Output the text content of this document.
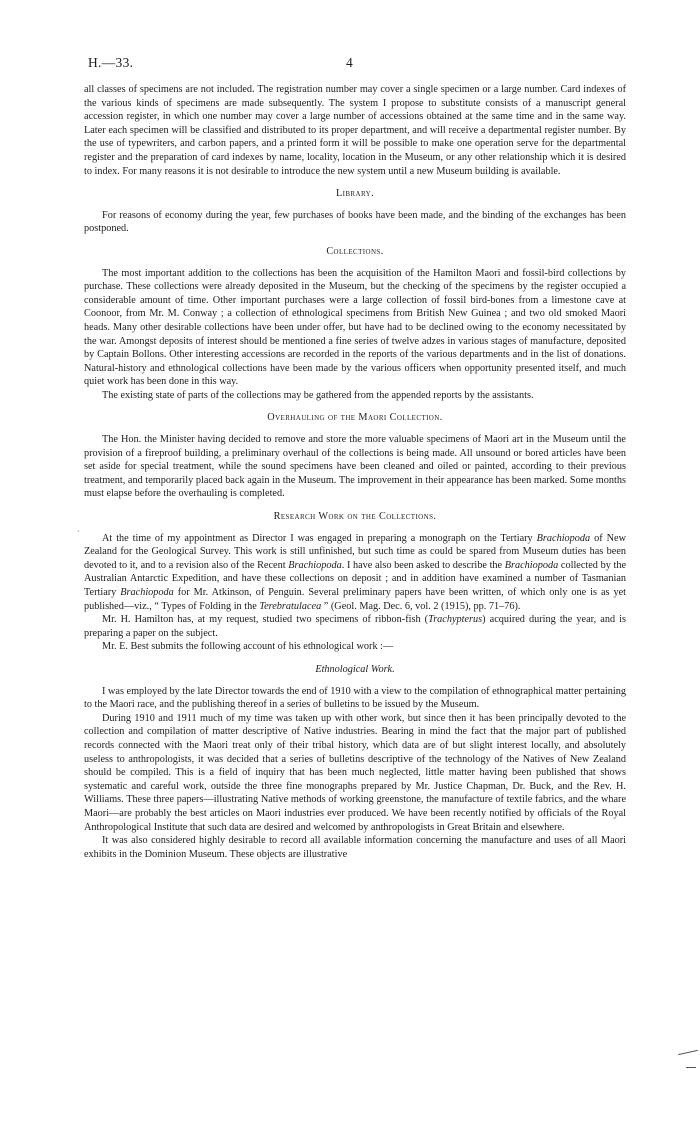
H.—33.	4
·

all classes of specimens are not included. The registration number may cover a single specimen or a large number. Card indexes of the various kinds of specimens are made subsequently. The system I propose to substitute consists of a manuscript general accession register, in which one number may cover a large number of accessions obtained at the same time and in the same way. Later each specimen will be classified and distributed to its proper department, and will receive a departmental register number. By the use of typewriters, and carbon papers, and a printed form it will be possible to make one operation serve for the departmental register and the preparation of card indexes by name, locality, location in the Museum, or any other relationship which it is desired to index. For many reasons it is not desirable to introduce the new system until a new Museum building is available.

Library.

For reasons of economy during the year, few purchases of books have been made, and the binding of the exchanges has been postponed.

Collections.

The most important addition to the collections has been the acquisition of the Hamilton Maori and fossil-bird collections by purchase. These collections were already deposited in the Museum, but the checking of the specimens by the register occupied a considerable amount of time. Other important purchases were a large collection of fossil bird-bones from a limestone cave at Coonoor, from Mr. M. Conway ; a collection of ethnological specimens from British New Guinea ; and two old smoked Maori heads. Many other desirable collections have been under offer, but have had to be declined owing to the economy necessitated by the war. Amongst deposits of interest should be mentioned a fine series of twelve adzes in various stages of manufacture, deposited by Captain Bollons. Other interesting accessions are recorded in the reports of the various departments and in the list of donations. Natural-history and ethnological collections have been made by the various officers when opportunity presented itself, and much quiet work has been done in this way.

The existing state of parts of the collections may be gathered from the appended reports by the assistants.

Overhauling of the Maori Collection.

The Hon. the Minister having decided to remove and store the more valuable specimens of Maori art in the Museum until the provision of a fireproof building, a preliminary overhaul of the collections is being made. All unsound or bored articles have been set aside for special treatment, while the sound specimens have been cleaned and oiled or painted, according to their previous treatment, and temporarily placed back again in the Museum. The improvement in their appearance has been marked. Some months must elapse before the overhauling is completed.

Research Work on the Collections.

At the time of my appointment as Director I was engaged in preparing a monograph on the Tertiary Brachiopoda of New Zealand for the Geological Survey. This work is still unfinished, but such time as could be spared from Museum duties has been devoted to it, and to a revision also of the Recent Brachiopoda. I have also been asked to describe the Brachiopoda collected by the Australian Antarctic Expedition, and have these collections on deposit ; and in addition have examined a number of Tasmanian Tertiary Brachiopoda for Mr. Atkinson, of Penguin. Several preliminary papers have been written, of which only one is as yet published—viz., “ Types of Folding in the Terebratulacea ” (Geol. Mag. Dec. 6, vol. 2 (1915), pp. 71–76).

Mr. H. Hamilton has, at my request, studied two specimens of ribbon-fish (Trachypterus) acquired during the year, and is preparing a paper on the subject.

Mr. E. Best submits the following account of his ethnological work :—

Ethnological Work.

I was employed by the late Director towards the end of 1910 with a view to the compilation of ethnographical matter pertaining to the Maori race, and the publishing thereof in a series of bulletins to be issued by the Museum.

During 1910 and 1911 much of my time was taken up with other work, but since then it has been principally devoted to the collection and compilation of matter descriptive of Native industries. Bearing in mind the fact that the major part of published records connected with the Maori treat only of their tribal history, which data are of but slight interest locally, and absolutely useless to anthropologists, it was decided that a series of bulletins descriptive of the technology of the Natives of New Zealand should be compiled. This is a field of inquiry that has been much neglected, little matter having been published that shows systematic and careful work, outside the three fine monographs prepared by Mr. Justice Chapman, Dr. Buck, and the Rev. H. Williams. These three papers—illustrating Native methods of working greenstone, the manufacture of textile fabrics, and the whare Maori—are probably the best articles on Maori industries ever produced. We have been recently notified by officials of the Royal Anthropological Institute that such data are desired and welcomed by anthropologists in Great Britain and elsewhere.

It was also considered highly desirable to record all available information concerning the manufacture and uses of all Maori exhibits in the Dominion Museum. These objects are illustrative
